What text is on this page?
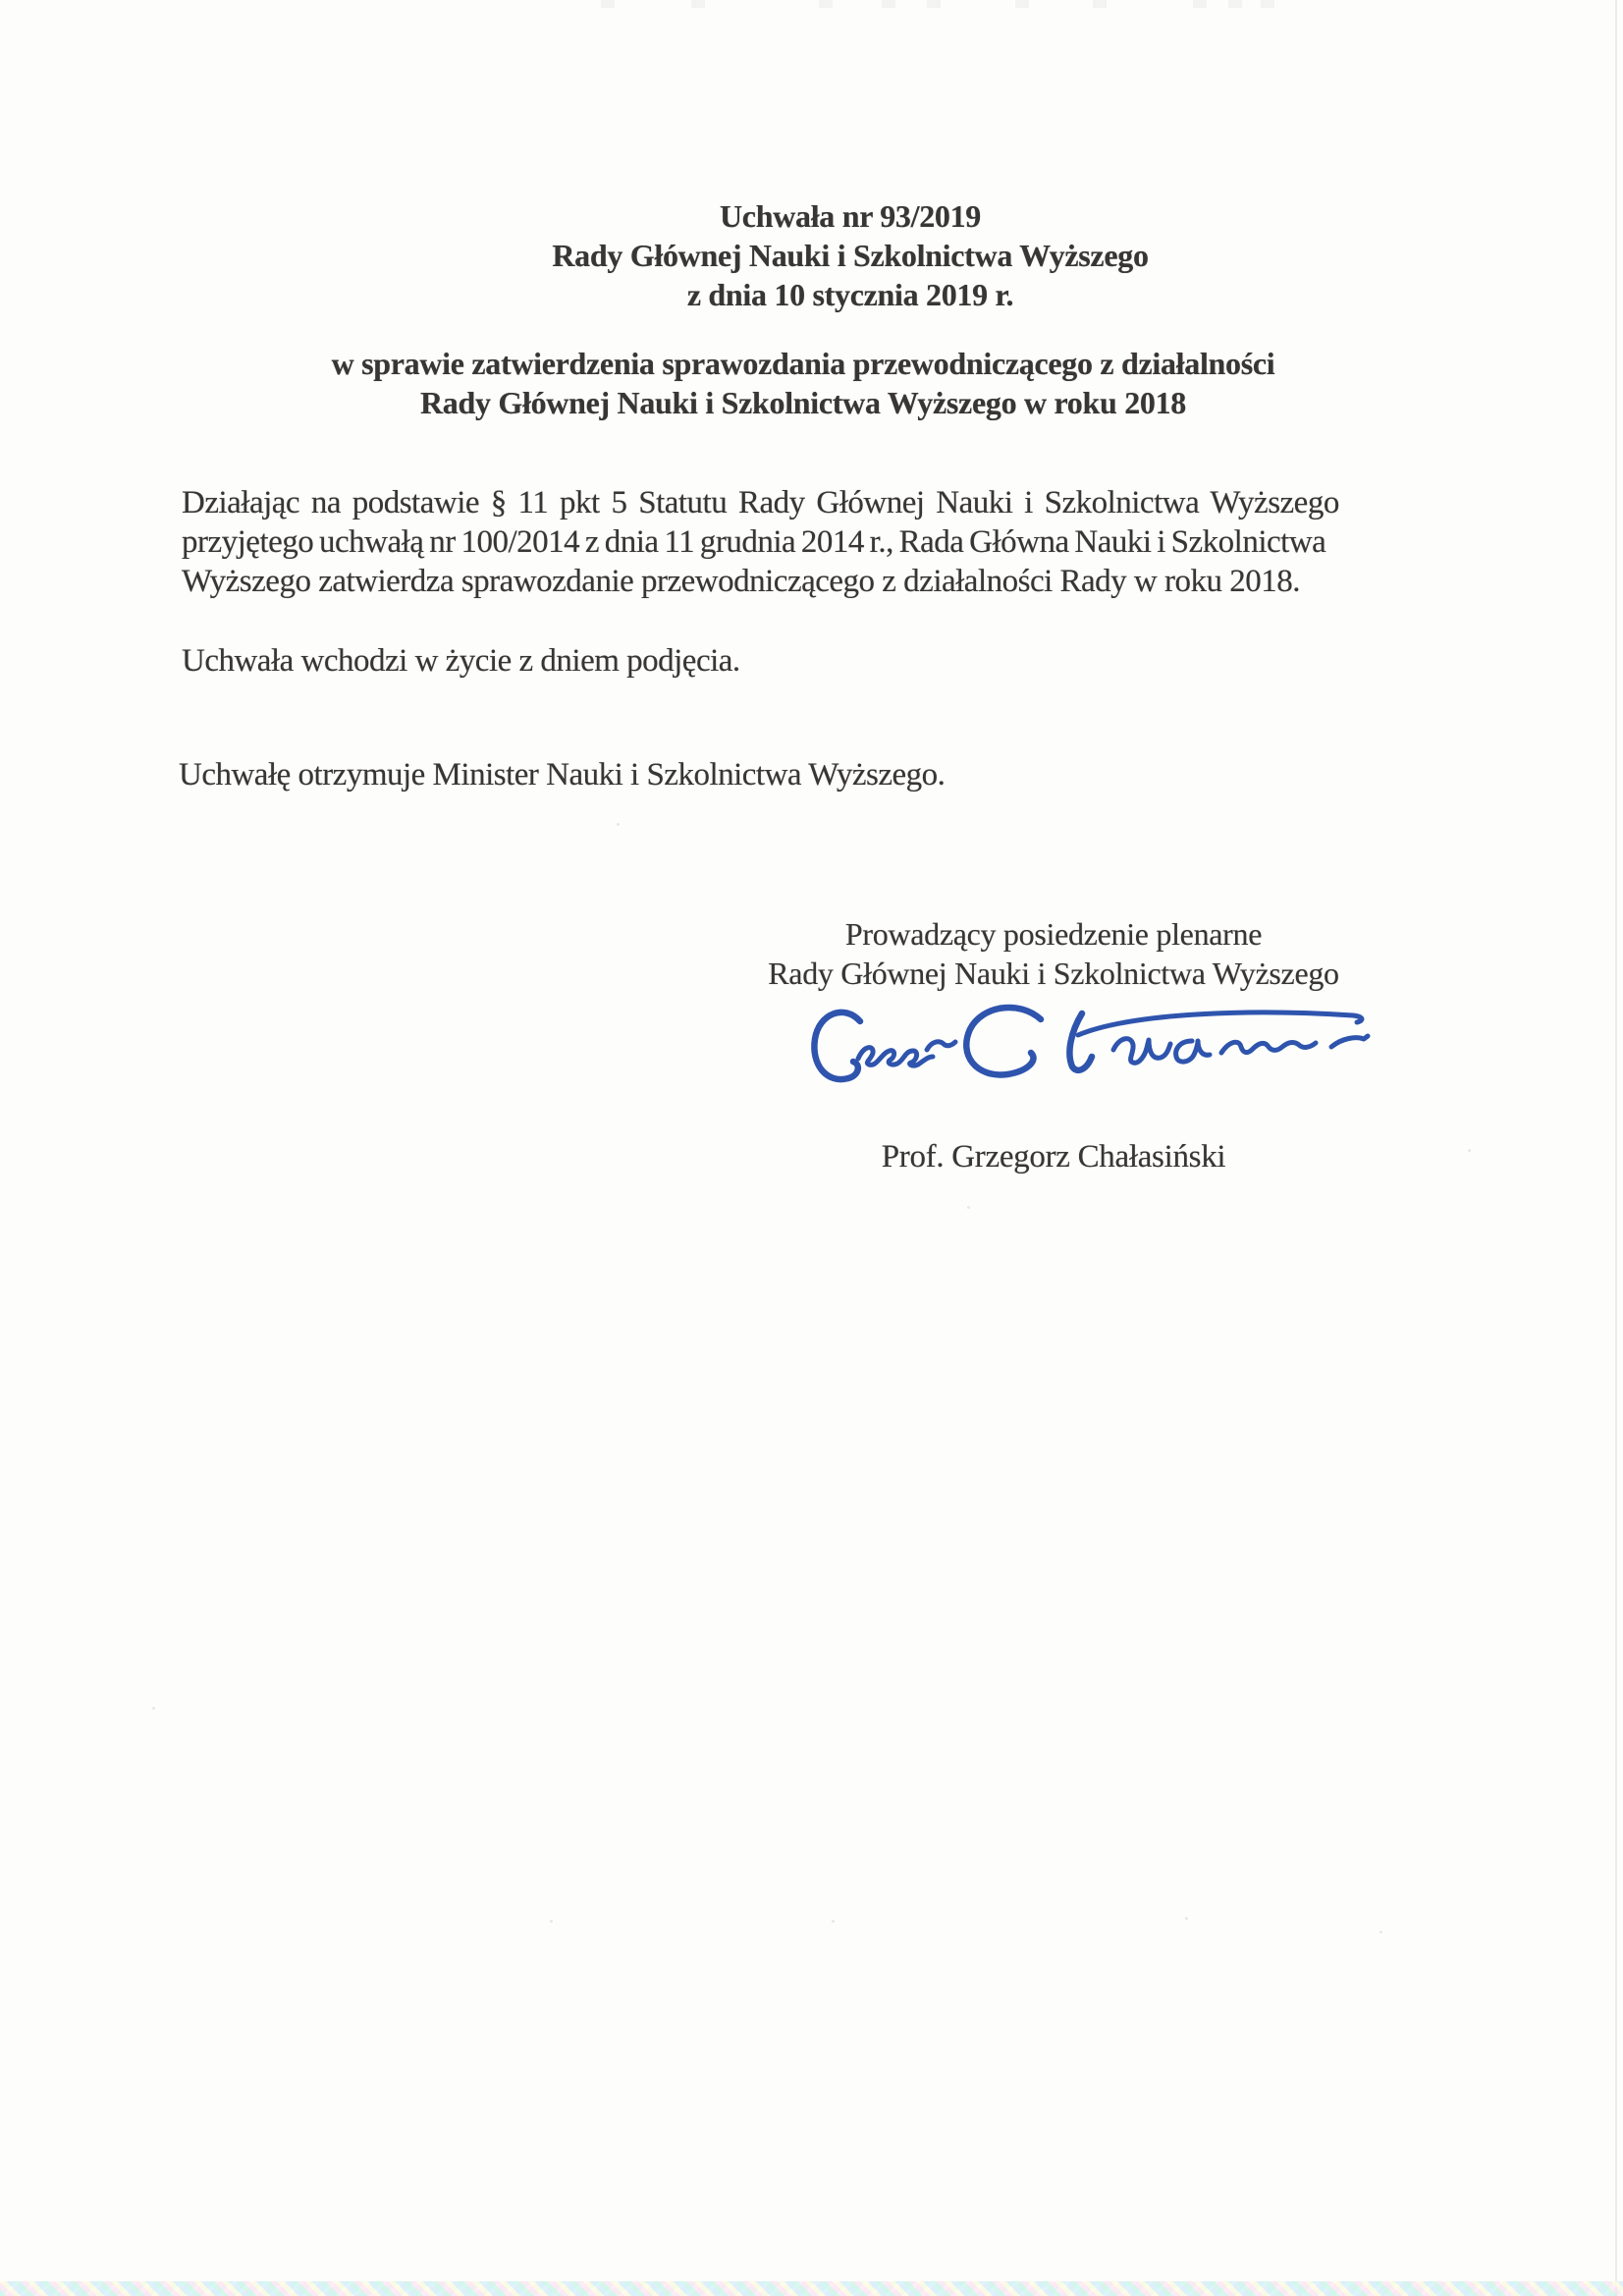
Uchwała nr 93/2019
Rady Głównej Nauki i Szkolnictwa Wyższego
z dnia 10 stycznia 2019 r.
w sprawie zatwierdzenia sprawozdania przewodniczącego z działalności
Rady Głównej Nauki i Szkolnictwa Wyższego w roku 2018
Działając na podstawie § 11 pkt 5 Statutu Rady Głównej Nauki i Szkolnictwa Wyższego
przyjętego uchwałą nr 100/2014 z dnia 11 grudnia 2014 r., Rada Główna Nauki i Szkolnictwa
Wyższego zatwierdza sprawozdanie przewodniczącego z działalności Rady w roku 2018.
Uchwała wchodzi w życie z dniem podjęcia.
Uchwałę otrzymuje Minister Nauki i Szkolnictwa Wyższego.
Prowadzący posiedzenie plenarne
Rady Głównej Nauki i Szkolnictwa Wyższego
Prof. Grzegorz Chałasiński
